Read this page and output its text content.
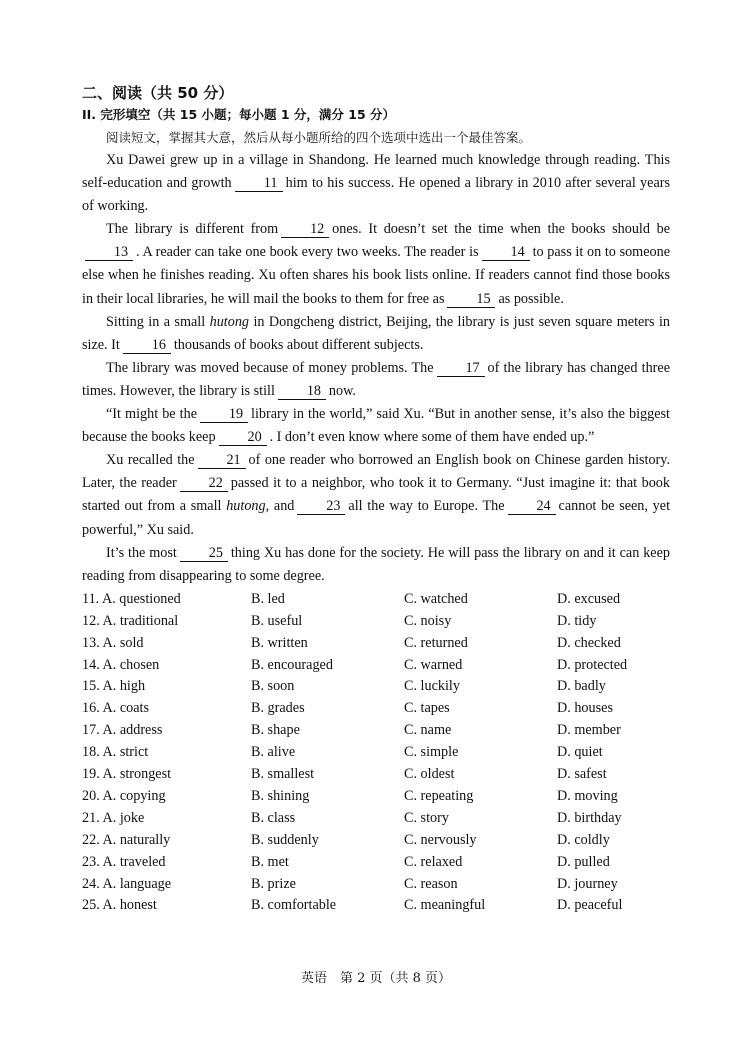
二、阅读（共 50 分）

II. 完形填空（共 15 小题；每小题 1 分，满分 15 分）

阅读短文，掌握其大意，然后从每小题所给的四个选项中选出一个最佳答案。

Xu Dawei grew up in a village in Shandong. He learned much knowledge through reading. This self-education and growth 11 him to his success. He opened a library in 2010 after several years of working.

The library is different from 12 ones. It doesn’t set the time when the books should be13 . A reader can take one book every two weeks. The reader is 14 to pass it on to someone else when he finishes reading. Xu often shares his book lists online. If readers cannot find those books in their local libraries, he will mail the books to them for free as 15 as possible.

Sitting in a small hutong in Dongcheng district, Beijing, the library is just seven square meters in size. It 16 thousands of books about different subjects.

The library was moved because of money problems. The 17 of the library has changed three times. However, the library is still 18 now.

“It might be the 19 library in the world,” said Xu. “But in another sense, it’s also the biggest because the books keep 20 . I don’t even know where some of them have ended up.”

Xu recalled the 21 of one reader who borrowed an English book on Chinese garden history. Later, the reader 22 passed it to a neighbor, who took it to Germany. “Just imagine it: that book started out from a small hutong, and 23 all the way to Europe. The 24 cannot be seen, yet powerful,” Xu said.

It’s the most 25 thing Xu has done for the society. He will pass the library on and it can keep reading from disappearing to some degree.

11. A. questioned	B. led	C. watched	D. excused
12. A. traditional	B. useful	C. noisy	D. tidy
13. A. sold	B. written	C. returned	D. checked
14. A. chosen	B. encouraged	C. warned	D. protected
15. A. high	B. soon	C. luckily	D. badly
16. A. coats	B. grades	C. tapes	D. houses
17. A. address	B. shape	C. name	D. member
18. A. strict	B. alive	C. simple	D. quiet
19. A. strongest	B. smallest	C. oldest	D. safest
20. A. copying	B. shining	C. repeating	D. moving
21. A. joke	B. class	C. story	D. birthday
22. A. naturally	B. suddenly	C. nervously	D. coldly
23. A. traveled	B. met	C. relaxed	D. pulled
24. A. language	B. prize	C. reason	D. journey
25. A. honest	B. comfortable	C. meaningful	D. peaceful
英语　第 2 页（共 8 页）
